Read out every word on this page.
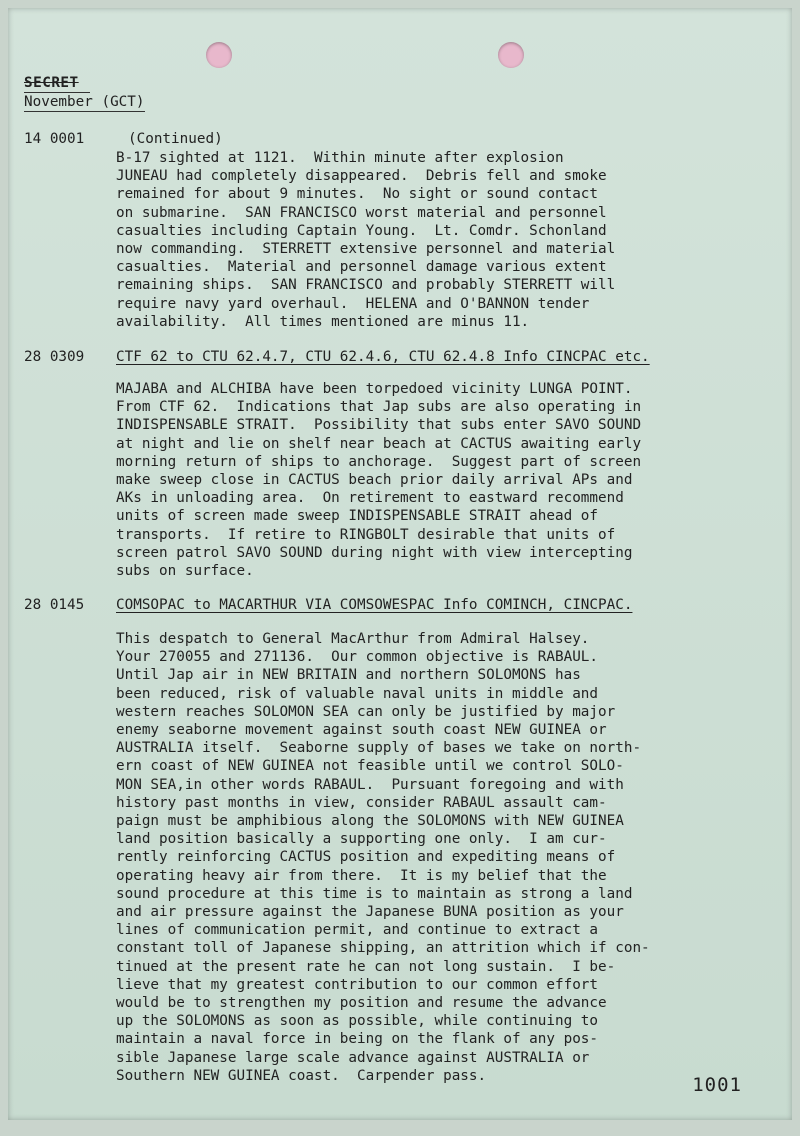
SECRET
November (GCT)
14 0001	(Continued)
B-17 sighted at 1121.  Within minute after explosion
JUNEAU had completely disappeared.  Debris fell and smoke
remained for about 9 minutes.  No sight or sound contact
on submarine.  SAN FRANCISCO worst material and personnel
casualties including Captain Young.  Lt. Comdr. Schonland
now commanding.  STERRETT extensive personnel and material
casualties.  Material and personnel damage various extent
remaining ships.  SAN FRANCISCO and probably STERRETT will
require navy yard overhaul.  HELENA and O'BANNON tender
availability.  All times mentioned are minus 11.
28 0309 CTF 62 to CTU 62.4.7, CTU 62.4.6, CTU 62.4.8 Info CINCPAC etc.
MAJABA and ALCHIBA have been torpedoed vicinity LUNGA POINT.
From CTF 62.  Indications that Jap subs are also operating in
INDISPENSABLE STRAIT.  Possibility that subs enter SAVO SOUND
at night and lie on shelf near beach at CACTUS awaiting early
morning return of ships to anchorage.  Suggest part of screen
make sweep close in CACTUS beach prior daily arrival APs and
AKs in unloading area.  On retirement to eastward recommend
units of screen made sweep INDISPENSABLE STRAIT ahead of
transports.  If retire to RINGBOLT desirable that units of
screen patrol SAVO SOUND during night with view intercepting
subs on surface.
28 0145 COMSOPAC to MACARTHUR VIA COMSOWESPAC Info COMINCH, CINCPAC.
This despatch to General MacArthur from Admiral Halsey.
Your 270055 and 271136.  Our common objective is RABAUL.
Until Jap air in NEW BRITAIN and northern SOLOMONS has
been reduced, risk of valuable naval units in middle and
western reaches SOLOMON SEA can only be justified by major
enemy seaborne movement against south coast NEW GUINEA or
AUSTRALIA itself.  Seaborne supply of bases we take on north-
ern coast of NEW GUINEA not feasible until we control SOLO-
MON SEA,in other words RABAUL.  Pursuant foregoing and with
history past months in view, consider RABAUL assault cam-
paign must be amphibious along the SOLOMONS with NEW GUINEA
land position basically a supporting one only.  I am cur-
rently reinforcing CACTUS position and expediting means of
operating heavy air from there.  It is my belief that the
sound procedure at this time is to maintain as strong a land
and air pressure against the Japanese BUNA position as your
lines of communication permit, and continue to extract a
constant toll of Japanese shipping, an attrition which if con-
tinued at the present rate he can not long sustain.  I be-
lieve that my greatest contribution to our common effort
would be to strengthen my position and resume the advance
up the SOLOMONS as soon as possible, while continuing to
maintain a naval force in being on the flank of any pos-
sible Japanese large scale advance against AUSTRALIA or
Southern NEW GUINEA coast.  Carpender pass.	1001
